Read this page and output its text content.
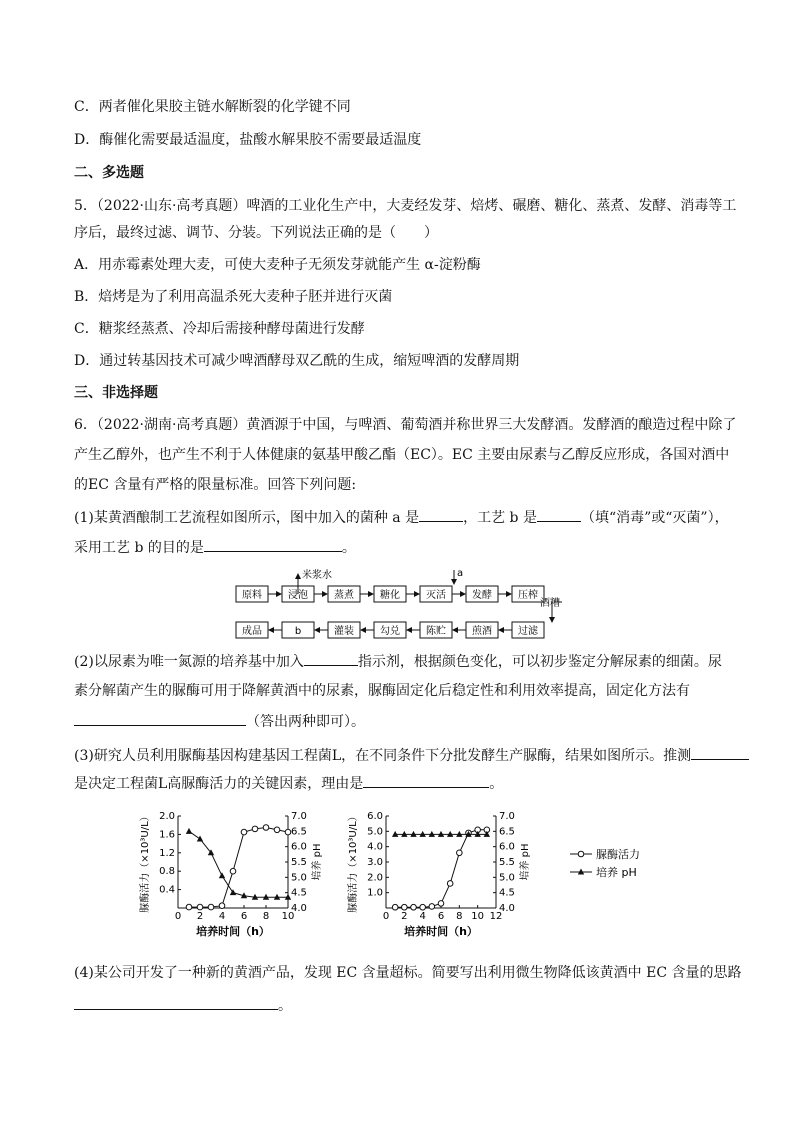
C．两者催化果胶主链水解断裂的化学键不同
D．酶催化需要最适温度，盐酸水解果胶不需要最适温度
二、多选题
5．（2022·山东·高考真题）啤酒的工业化生产中，大麦经发芽、焙烤、碾磨、糖化、蒸煮、发酵、消毒等工
序后，最终过滤、调节、分装。下列说法正确的是（　　）
A．用赤霉素处理大麦，可使大麦种子无须发芽就能产生 α-淀粉酶
B．焙烤是为了利用高温杀死大麦种子胚并进行灭菌
C．糖浆经蒸煮、冷却后需接种酵母菌进行发酵
D．通过转基因技术可减少啤酒酵母双乙酰的生成，缩短啤酒的发酵周期
三、非选择题
6．（2022·湖南·高考真题）黄酒源于中国，与啤酒、葡萄酒并称世界三大发酵酒。发酵酒的酿造过程中除了
产生乙醇外，也产生不利于人体健康的氨基甲酸乙酯（EC）。EC 主要由尿素与乙醇反应形成，各国对酒中
的EC 含量有严格的限量标准。回答下列问题:
(1)某黄酒酿制工艺流程如图所示，图中加入的菌种 a 是	，工艺 b 是	（填“消毒”或“灭菌”），
采用工艺 b 的目的是	。
原料	浸泡	蒸煮	糖化	灭活	发酵	压榨
成品	b	灌装	勾兑	陈贮	煎酒	过滤
米浆水	a
酒糟
(2)以尿素为唯一氮源的培养基中加入	指示剂，根据颜色变化，可以初步鉴定分解尿素的细菌。尿
素分解菌产生的脲酶可用于降解黄酒中的尿素，脲酶固定化后稳定性和利用效率提高，固定化方法有
（答出两种即可）。
(3)研究人员利用脲酶基因构建基因工程菌L，在不同条件下分批发酵生产脲酶，结果如图所示。推测
是决定工程菌L高脲酶活力的关键因素，理由是	。
0 2 4 6 8 10
0.4
0.8
1.2
1.6
2.0
4.0
4.5
5.0
5.5
6.0
6.5
7.0
培养时间（h）
脲酶活力（×10³U/L）	培养 pH
0 2 4 6 8 10 12
1.0
2.0
3.0
4.0
5.0
6.0
4.0
4.5
5.0
5.5
6.0
6.5
7.0
培养时间（h）
脲酶活力（×10³U/L）	培养 pH	脲酶活力
培养 pH
(4)某公司开发了一种新的黄酒产品，发现 EC 含量超标。简要写出利用微生物降低该黄酒中 EC 含量的思路
。
